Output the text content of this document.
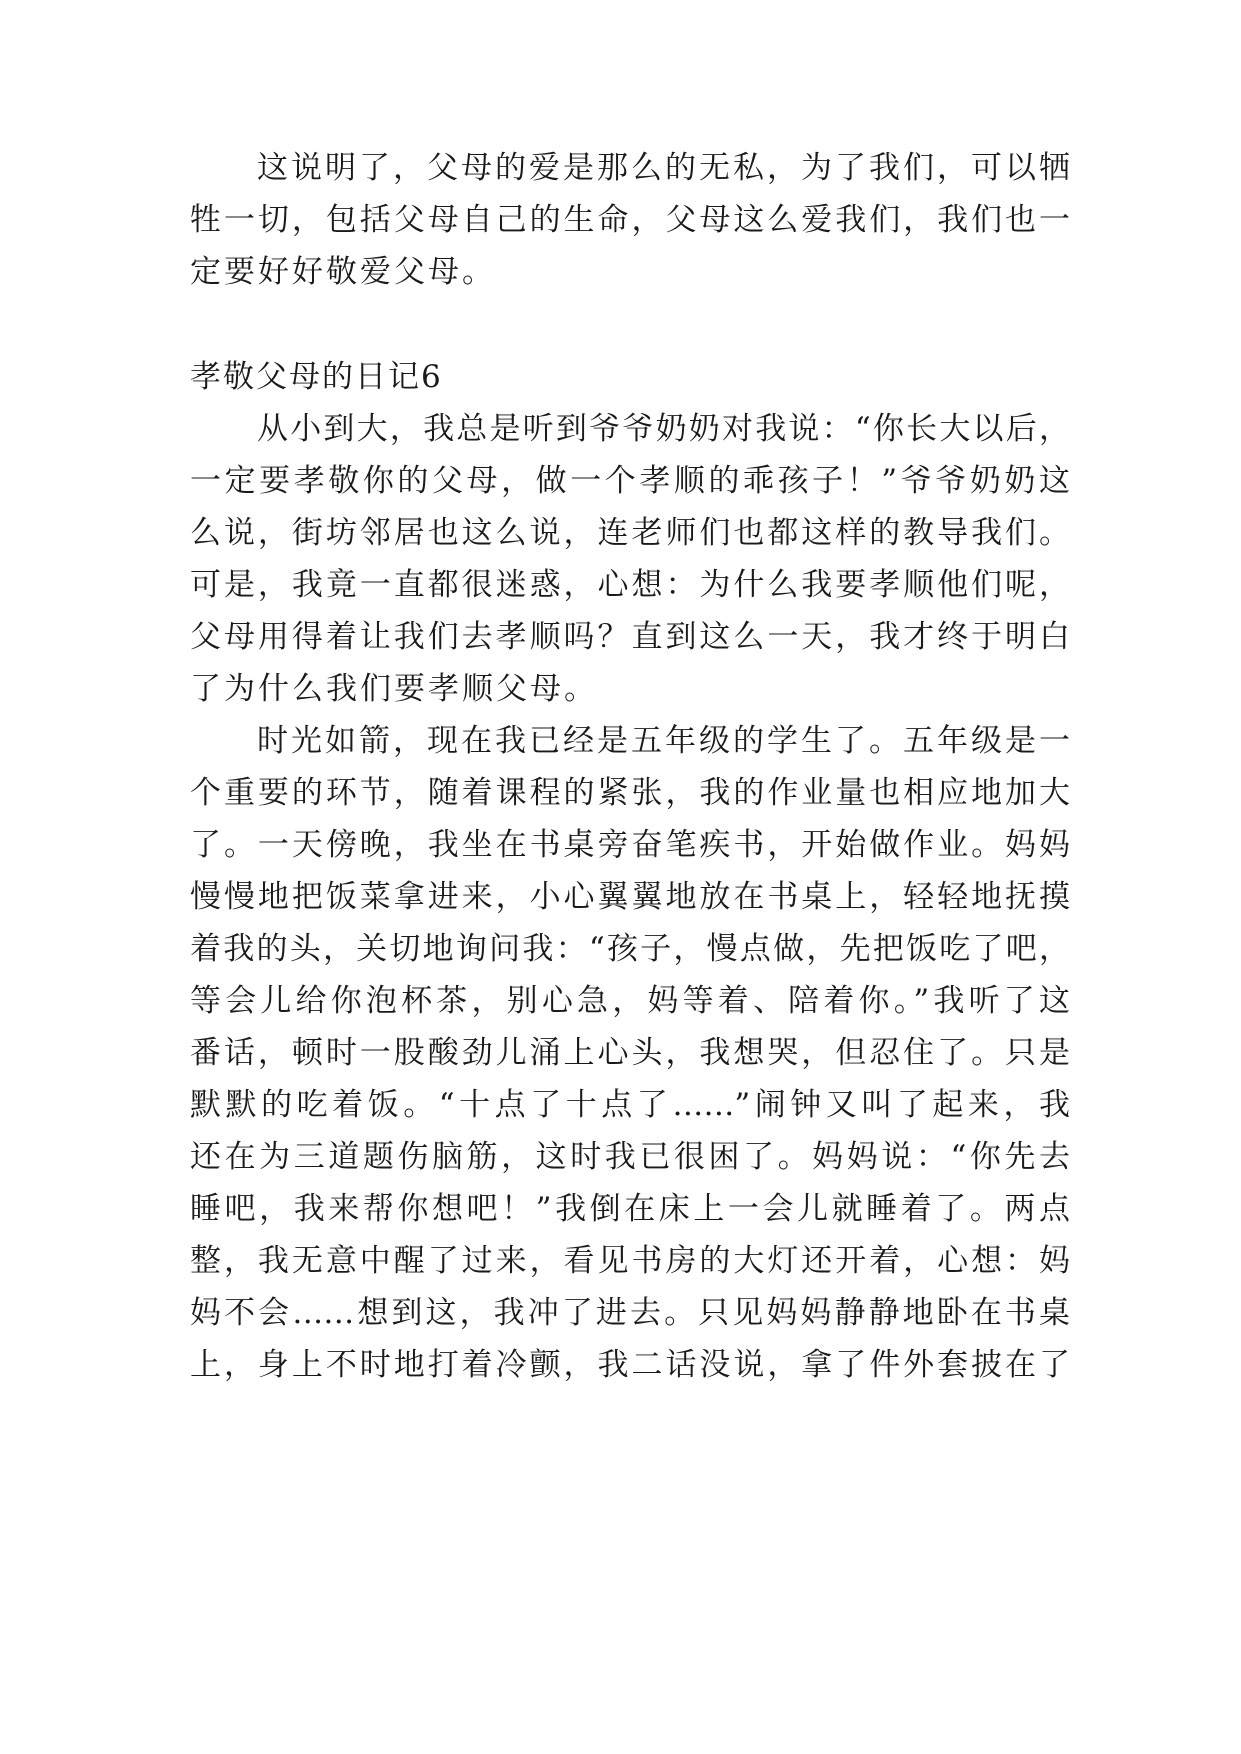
这说明了，父母的爱是那么的无私，为了我们，可以牺
牲一切，包括父母自己的生命，父母这么爱我们，我们也一
定要好好敬爱父母。
孝敬父母的日记6
从小到大，我总是听到爷爷奶奶对我说：“你长大以后，
一定要孝敬你的父母，做一个孝顺的乖孩子！”爷爷奶奶这
么说，街坊邻居也这么说，连老师们也都这样的教导我们。
可是，我竟一直都很迷惑，心想：为什么我要孝顺他们呢，
父母用得着让我们去孝顺吗？直到这么一天，我才终于明白
了为什么我们要孝顺父母。
时光如箭，现在我已经是五年级的学生了。五年级是一
个重要的环节，随着课程的紧张，我的作业量也相应地加大
了。一天傍晚，我坐在书桌旁奋笔疾书，开始做作业。妈妈
慢慢地把饭菜拿进来，小心翼翼地放在书桌上，轻轻地抚摸
着我的头，关切地询问我：“孩子，慢点做，先把饭吃了吧，
等会儿给你泡杯茶，别心急，妈等着、陪着你。”我听了这
番话，顿时一股酸劲儿涌上心头，我想哭，但忍住了。只是
默默的吃着饭。“十点了十点了……”闹钟又叫了起来，我
还在为三道题伤脑筋，这时我已很困了。妈妈说：“你先去
睡吧，我来帮你想吧！”我倒在床上一会儿就睡着了。两点
整，我无意中醒了过来，看见书房的大灯还开着，心想：妈
妈不会……想到这，我冲了进去。只见妈妈静静地卧在书桌
上，身上不时地打着冷颤，我二话没说，拿了件外套披在了
